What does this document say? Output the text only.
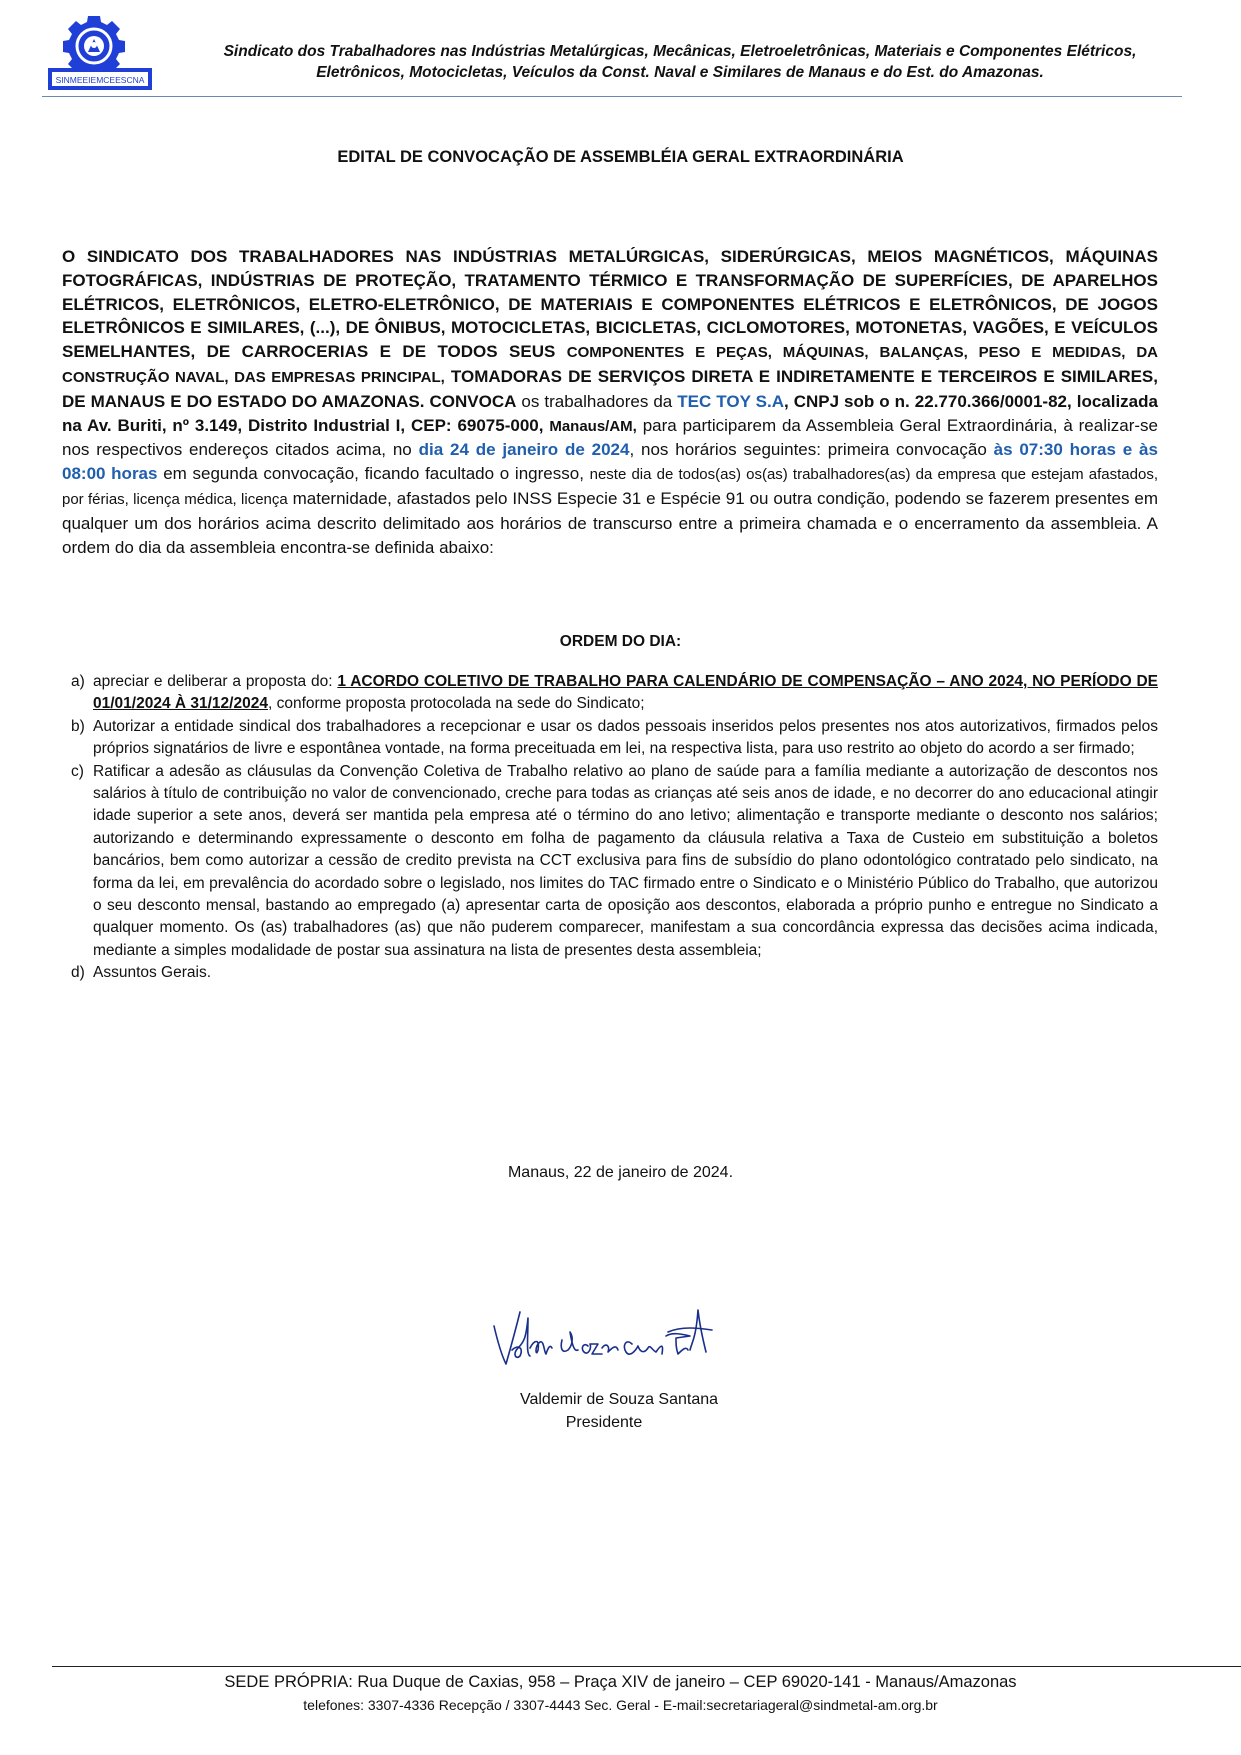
SINMEEIEMCEESCNA
Sindicato dos Trabalhadores nas Indústrias Metalúrgicas, Mecânicas, Eletroeletrônicas, Materiais e Componentes Elétricos,
Eletrônicos, Motocicletas, Veículos da Const. Naval e Similares de Manaus e do Est. do Amazonas.
EDITAL DE CONVOCAÇÃO DE ASSEMBLÉIA GERAL EXTRAORDINÁRIA
O SINDICATO DOS TRABALHADORES NAS INDÚSTRIAS METALÚRGICAS, SIDERÚRGICAS, MEIOS MAGNÉTICOS, MÁQUINAS FOTOGRÁFICAS, INDÚSTRIAS DE PROTEÇÃO, TRATAMENTO TÉRMICO E TRANSFORMAÇÃO DE SUPERFÍCIES, DE APARELHOS ELÉTRICOS, ELETRÔNICOS, ELETRO-ELETRÔNICO, DE MATERIAIS E COMPONENTES ELÉTRICOS E ELETRÔNICOS, DE JOGOS ELETRÔNICOS E SIMILARES, (...), DE ÔNIBUS, MOTOCICLETAS, BICICLETAS, CICLOMOTORES, MOTONETAS, VAGÕES, E VEÍCULOS SEMELHANTES, DE CARROCERIAS E DE TODOS SEUS COMPONENTES E PEÇAS, MÁQUINAS, BALANÇAS, PESO E MEDIDAS, DA CONSTRUÇÃO NAVAL, DAS EMPRESAS PRINCIPAL, TOMADORAS DE SERVIÇOS DIRETA E INDIRETAMENTE E TERCEIROS E SIMILARES, DE MANAUS E DO ESTADO DO AMAZONAS. CONVOCA os trabalhadores da TEC TOY S.A, CNPJ sob o n. 22.770.366/0001-82, localizada na Av. Buriti, nº 3.149, Distrito Industrial I, CEP: 69075-000, Manaus/AM, para participarem da Assembleia Geral Extraordinária, à realizar-se nos respectivos endereços citados acima, no dia 24 de janeiro de 2024, nos horários seguintes: primeira convocação às 07:30 horas e às 08:00 horas em segunda convocação, ficando facultado o ingresso, neste dia de todos(as) os(as) trabalhadores(as) da empresa que estejam afastados, por férias, licença médica, licença maternidade, afastados pelo INSS Especie 31 e Espécie 91 ou outra condição, podendo se fazerem presentes em qualquer um dos horários acima descrito delimitado aos horários de transcurso entre a primeira chamada e o encerramento da assembleia. A ordem do dia da assembleia encontra-se definida abaixo:
ORDEM DO DIA:
a) apreciar e deliberar a proposta do: 1 ACORDO COLETIVO DE TRABALHO PARA CALENDÁRIO DE COMPENSAÇÃO – ANO 2024, NO PERÍODO DE 01/01/2024 À 31/12/2024, conforme proposta protocolada na sede do Sindicato;
b) Autorizar a entidade sindical dos trabalhadores a recepcionar e usar os dados pessoais inseridos pelos presentes nos atos autorizativos, firmados pelos próprios signatários de livre e espontânea vontade, na forma preceituada em lei, na respectiva lista, para uso restrito ao objeto do acordo a ser firmado;
c) Ratificar a adesão as cláusulas da Convenção Coletiva de Trabalho relativo ao plano de saúde para a família mediante a autorização de descontos nos salários à título de contribuição no valor de convencionado, creche para todas as crianças até seis anos de idade, e no decorrer do ano educacional atingir idade superior a sete anos, deverá ser mantida pela empresa até o término do ano letivo; alimentação e transporte mediante o desconto nos salários; autorizando e determinando expressamente o desconto em folha de pagamento da cláusula relativa a Taxa de Custeio em substituição a boletos bancários, bem como autorizar a cessão de credito prevista na CCT exclusiva para fins de subsídio do plano odontológico contratado pelo sindicato, na forma da lei, em prevalência do acordado sobre o legislado, nos limites do TAC firmado entre o Sindicato e o Ministério Público do Trabalho, que autorizou o seu desconto mensal, bastando ao empregado (a) apresentar carta de oposição aos descontos, elaborada a próprio punho e entregue no Sindicato a qualquer momento. Os (as) trabalhadores (as) que não puderem comparecer, manifestam a sua concordância expressa das decisões acima indicada, mediante a simples modalidade de postar sua assinatura na lista de presentes desta assembleia;
d) Assuntos Gerais.
Manaus, 22 de janeiro de 2024.
Valdemir de Souza Santana
Presidente
SEDE PRÓPRIA: Rua Duque de Caxias, 958 – Praça XIV de janeiro – CEP 69020-141 - Manaus/Amazonas
telefones: 3307-4336 Recepção / 3307-4443 Sec. Geral - E-mail:secretariageral@sindmetal-am.org.br
